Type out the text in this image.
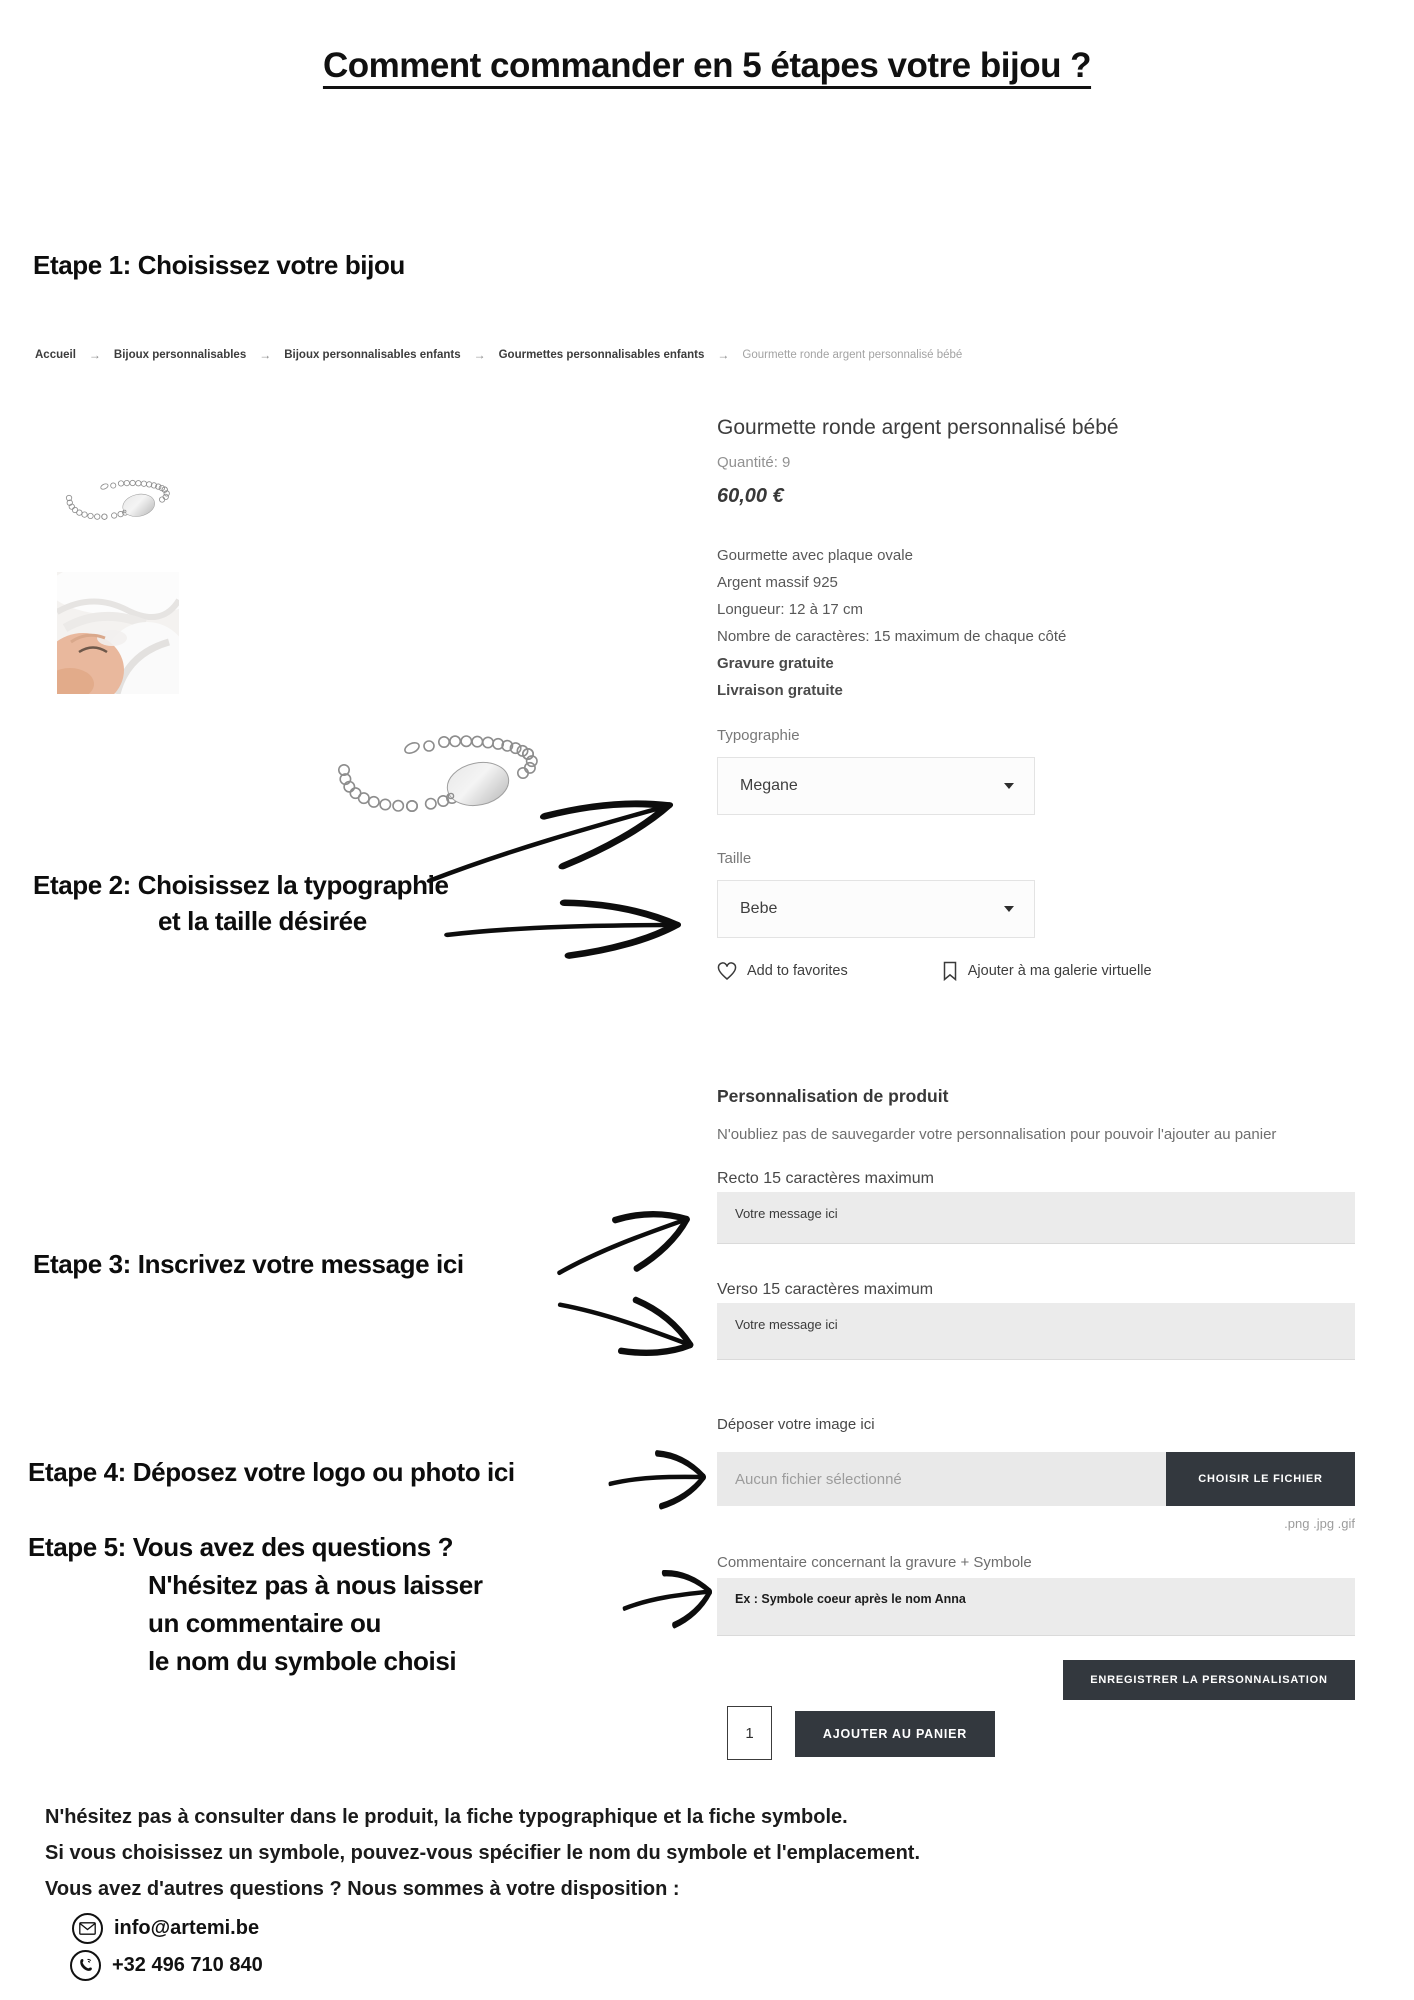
Comment commander en 5 étapes votre bijou ?
Etape 1: Choisissez votre bijou
Accueil → Bijoux personnalisables → Bijoux personnalisables enfants → Gourmettes personnalisables enfants → Gourmette ronde argent personnalisé bébé
Gourmette ronde argent personnalisé bébé
Quantité: 9
60,00 €
Gourmette avec plaque ovale
Argent massif 925
Longueur: 12 à 17 cm
Nombre de caractères: 15 maximum de chaque côté
Gravure gratuite
Livraison gratuite
Typographie
Megane
Taille
Bebe
Add to favorites	Ajouter à ma galerie virtuelle
Personnalisation de produit
N'oubliez pas de sauvegarder votre personnalisation pour pouvoir l'ajouter au panier
Recto 15 caractères maximum
Votre message ici
Verso 15 caractères maximum
Votre message ici
Déposer votre image ici
Aucun fichier sélectionné	CHOISIR LE FICHIER
.png .jpg .gif
Commentaire concernant la gravure + Symbole
Ex : Symbole coeur après le nom Anna
ENREGISTRER LA PERSONNALISATION
1	AJOUTER AU PANIER
Etape 2: Choisissez la typographie
et la taille désirée
Etape 3: Inscrivez votre message ici
Etape 4: Déposez votre logo ou photo ici
Etape 5: Vous avez des questions ?
N'hésitez pas à nous laisser
un commentaire ou
le nom du symbole choisi
N'hésitez pas à consulter dans le produit, la fiche typographique et la fiche symbole.
Si vous choisissez un symbole, pouvez-vous spécifier le nom du symbole et l'emplacement.
Vous avez d'autres questions ? Nous sommes à votre disposition :
info@artemi.be
+32 496 710 840
